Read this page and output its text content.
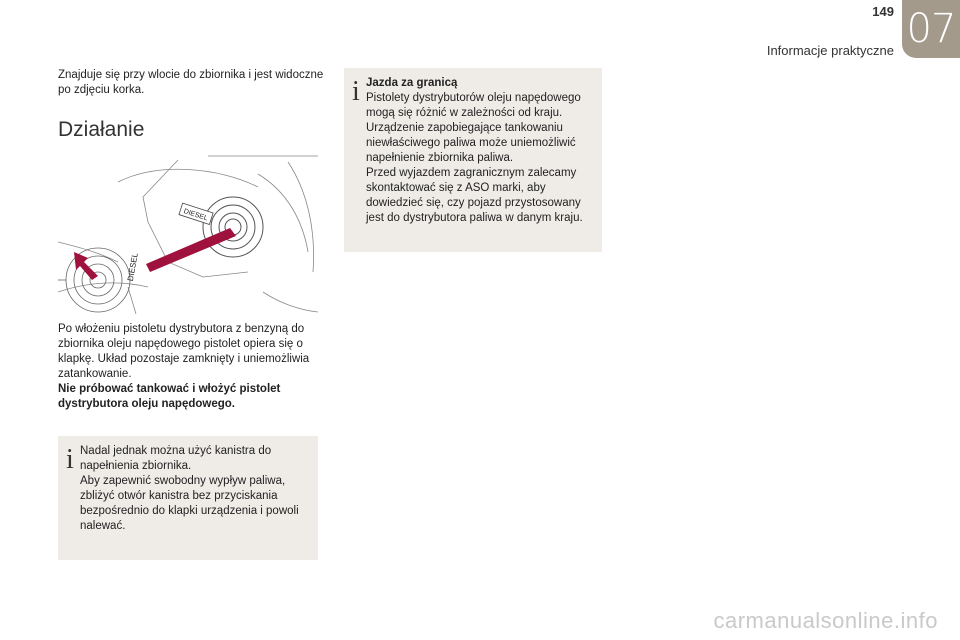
149
Informacje praktyczne 07
Znajduje się przy wlocie do zbiornika i jest widoczne po zdjęciu korka.
Działanie
DIESEL
DIESEL
Po włożeniu pistoletu dystrybutora z benzyną do zbiornika oleju napędowego pistolet opiera się o klapkę. Układ pozostaje zamknięty i uniemożliwia zatankowanie.
Nie próbować tankować i włożyć pistolet dystrybutora oleju napędowego.
i Nadal jednak można użyć kanistra do napełnienia zbiornika.
Aby zapewnić swobodny wypływ paliwa, zbliżyć otwór kanistra bez przyciskania bezpośrednio do klapki urządzenia i powoli nalewać.
i Jazda za granicą
Pistolety dystrybutorów oleju napędowego mogą się różnić w zależności od kraju. Urządzenie zapobiegające tankowaniu niewłaściwego paliwa może uniemożliwić napełnienie zbiornika paliwa.
Przed wyjazdem zagranicznym zalecamy skontaktować się z ASO marki, aby dowiedzieć się, czy pojazd przystosowany jest do dystrybutora paliwa w danym kraju.
carmanualsonline.info
